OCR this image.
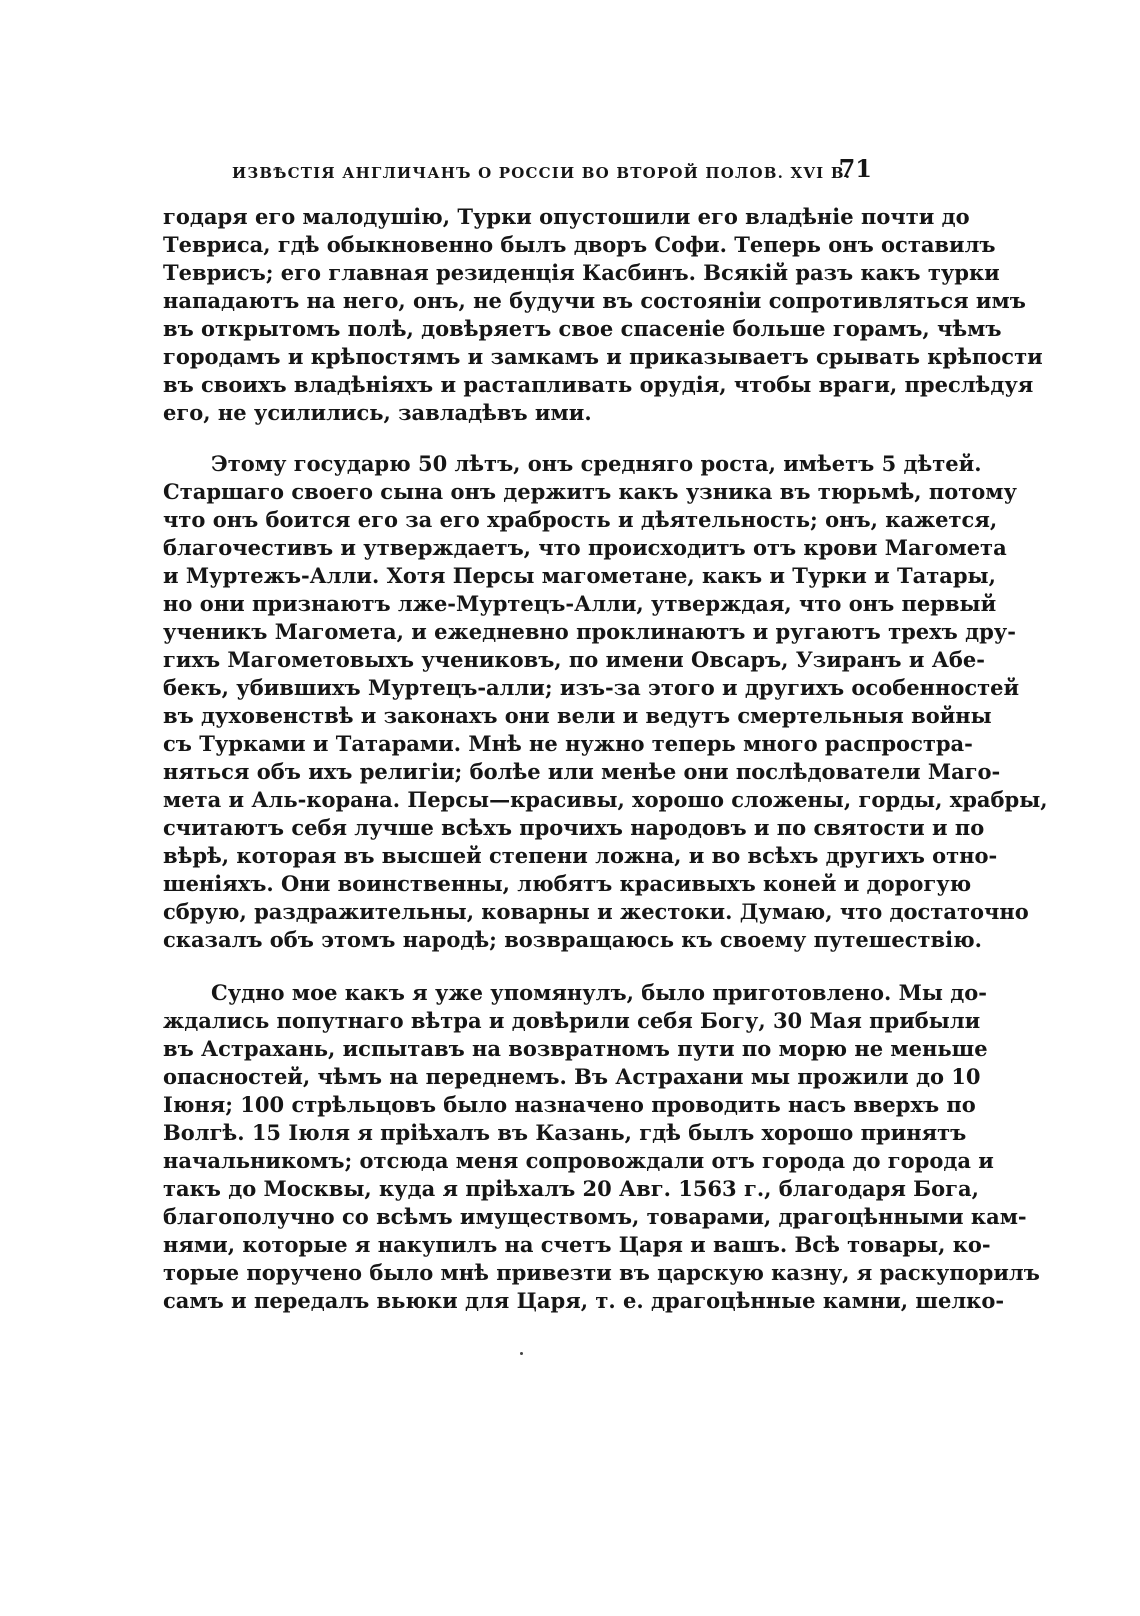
ИЗВѢСТІЯ АНГЛИЧАНЪ О РОССІИ ВО ВТОРОЙ ПОЛОВ. XVI В.
71
годаря его малодушію, Турки опустошили его владѣніе почти до
Тевриса, гдѣ обыкновенно былъ дворъ Софи. Теперь онъ оставилъ
Теврисъ; его главная резиденція Касбинъ. Всякій разъ какъ турки
нападаютъ на него, онъ, не будучи въ состояніи сопротивляться имъ
въ открытомъ полѣ, довѣряетъ свое спасеніе больше горамъ, чѣмъ
городамъ и крѣпостямъ и замкамъ и приказываетъ срывать крѣпости
въ своихъ владѣніяхъ и растапливать орудія, чтобы враги, преслѣдуя
его, не усилились, завладѣвъ ими.
Этому государю 50 лѣтъ, онъ средняго роста, имѣетъ 5 дѣтей.
Старшаго своего сына онъ держитъ какъ узника въ тюрьмѣ, потому
что онъ боится его за его храбрость и дѣятельность; онъ, кажется,
благочестивъ и утверждаетъ, что происходитъ отъ крови Магомета
и Муртежъ-Алли. Хотя Персы магометане, какъ и Турки и Татары,
но они признаютъ лже-Муртецъ-Алли, утверждая, что онъ первый
ученикъ Магомета, и ежедневно проклинаютъ и ругаютъ трехъ дру-
гихъ Магометовыхъ учениковъ, по имени Овсаръ, Узиранъ и Абе-
бекъ, убившихъ Муртецъ-алли; изъ-за этого и другихъ особенностей
въ духовенствѣ и законахъ они вели и ведутъ смертельныя войны
съ Турками и Татарами. Мнѣ не нужно теперь много распростра-
няться объ ихъ религіи; болѣе или менѣе они послѣдователи Маго-
мета и Аль-корана. Персы—красивы, хорошо сложены, горды, храбры,
считаютъ себя лучше всѣхъ прочихъ народовъ и по святости и по
вѣрѣ, которая въ высшей степени ложна, и во всѣхъ другихъ отно-
шеніяхъ. Они воинственны, любятъ красивыхъ коней и дорогую
сбрую, раздражительны, коварны и жестоки. Думаю, что достаточно
сказалъ объ этомъ народѣ; возвращаюсь къ своему путешествію.
Судно мое какъ я уже упомянулъ, было приготовлено. Мы до-
ждались попутнаго вѣтра и довѣрили себя Богу, 30 Мая прибыли
въ Астрахань, испытавъ на возвратномъ пути по морю не меньше
опасностей, чѣмъ на переднемъ. Въ Астрахани мы прожили до 10
Іюня; 100 стрѣльцовъ было назначено проводить насъ вверхъ по
Волгѣ. 15 Іюля я пріѣхалъ въ Казань, гдѣ былъ хорошо принятъ
начальникомъ; отсюда меня сопровождали отъ города до города и
такъ до Москвы, куда я пріѣхалъ 20 Авг. 1563 г., благодаря Бога,
благополучно со всѣмъ имуществомъ, товарами, драгоцѣнными кам-
нями, которые я накупилъ на счетъ Царя и вашъ. Всѣ товары, ко-
торые поручено было мнѣ привезти въ царскую казну, я раскупорилъ
самъ и передалъ вьюки для Царя, т. е. драгоцѣнные камни, шелко-
